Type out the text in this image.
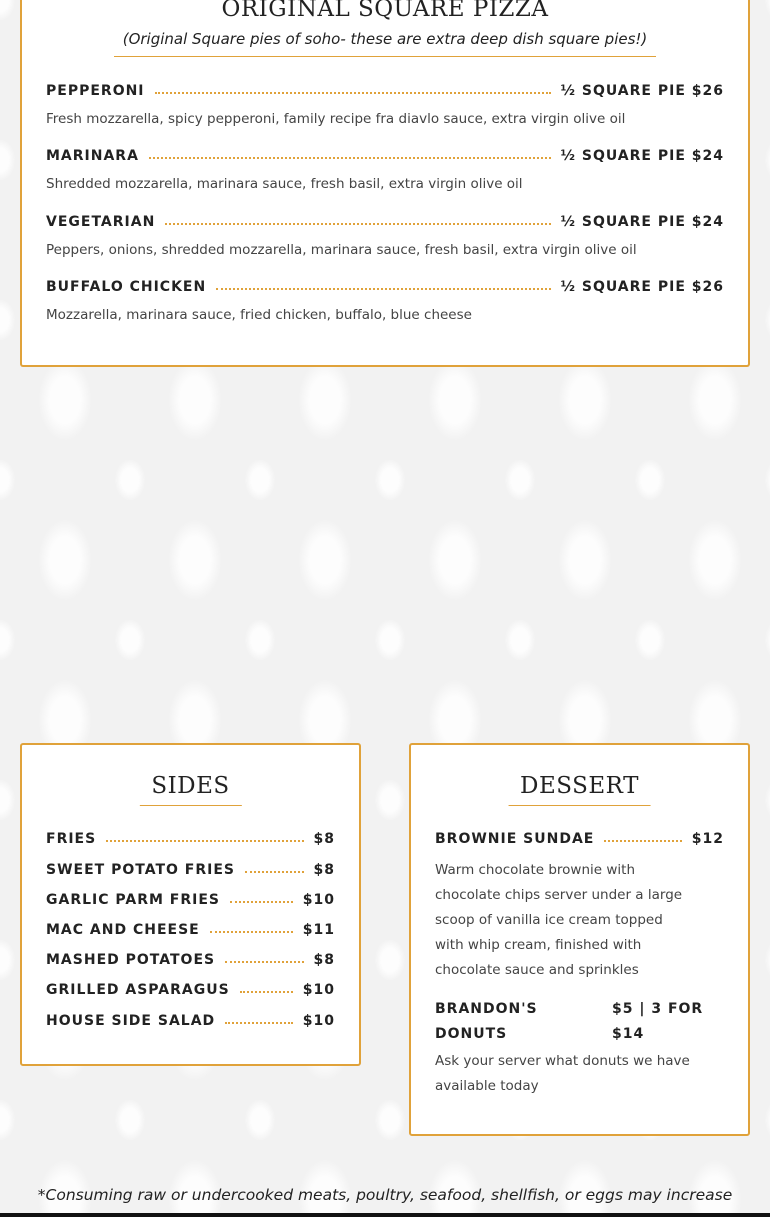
ORIGINAL SQUARE PIZZA
(Original Square pies of soho- these are extra deep dish square pies!)
PEPPERONI	½ SQUARE PIE $26
Fresh mozzarella, spicy pepperoni, family recipe fra diavlo sauce, extra virgin olive oil
MARINARA	½ SQUARE PIE $24
Shredded mozzarella, marinara sauce, fresh basil, extra virgin olive oil
VEGETARIAN	½ SQUARE PIE $24
Peppers, onions, shredded mozzarella, marinara sauce, fresh basil, extra virgin olive oil
BUFFALO CHICKEN	½ SQUARE PIE $26
Mozzarella, marinara sauce, fried chicken, buffalo, blue cheese
SIDES
FRIES	$8
SWEET POTATO FRIES	$8
GARLIC PARM FRIES	$10
MAC AND CHEESE	$11
MASHED POTATOES	$8
GRILLED ASPARAGUS	$10
HOUSE SIDE SALAD	$10
DESSERT
BROWNIE SUNDAE	$12
Warm chocolate brownie with chocolate chips server under a large scoop of vanilla ice cream topped with whip cream, finished with chocolate sauce and sprinkles
BRANDON'S DONUTS
$5 | 3 FOR $14
Ask your server what donuts we have available today
*Consuming raw or undercooked meats, poultry, seafood, shellfish, or eggs may increase
